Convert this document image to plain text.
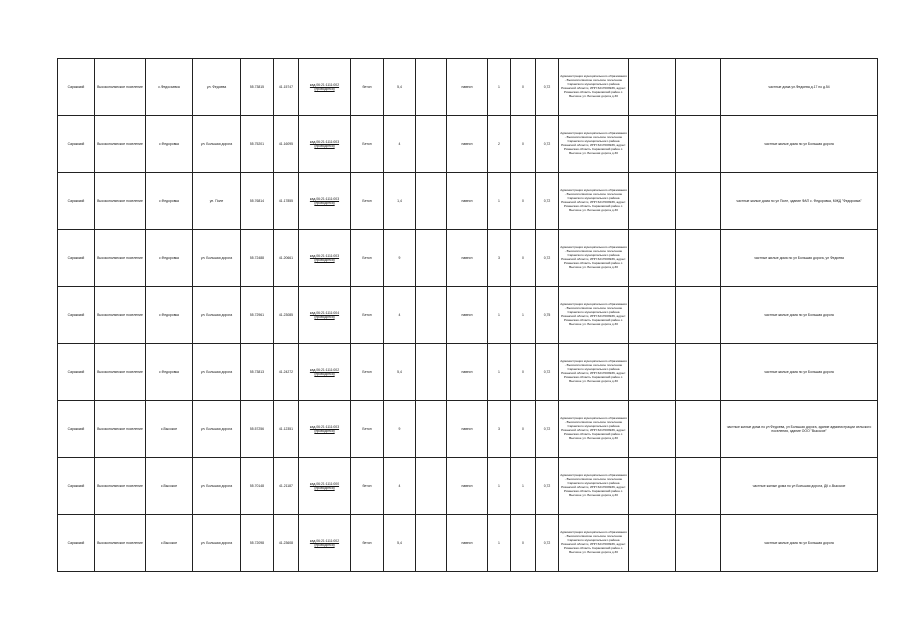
Саракский	Высокополянское поселение	с.Федосьевка	ул. Федоева	55.73815	41.15747	кад.06:21:1111:002
(проводится)	бетон	5,4		навесн	1	0	0,72	Администрация муниципального образования - Высокополянское сельское поселение Саракского муниципального района Рязанской области, ИНН 6217009936, адрес: Рязанская область Сараковский район с. Высокое ул. Большая дорога д.30			частные дома ул.Федоева д.17 по д.54
Саракский	Высокополянское поселение	с.Федоровка	ул. Большая дорога	55.75201	41.16095	кад.06:21:1111:003
(проводится)	Бетон	4		навесн	2	0	0,72	Администрация муниципального образования - Высокополянское сельское поселение Саракского муниципального района Рязанской области, ИНН 6217009936, адрес: Рязанская область Сараковский район с. Высокое ул. Большая дорога д.30			частные жилые дома по ул Большая дорога
Саракский	Высокополянское поселение	с.Федоровка	ул. Поле	55.76814	41.17855	кад.06:21:1111:003
(проводится)	Бетон	1,4		навесн	1	0	0,72	Администрация муниципального образования - Высокополянское сельское поселение Саракского муниципального района Рязанской области, ИНН 6217009936, адрес: Рязанская область Сараковский район с. Высокое ул. Большая дорога д.30			частные жилые дома по ул Поле, здание ФАП с. Федоровка, МЖД "Федоровка"
Саракский	Высокополянское поселение	с.Федоровка	ул. Большая дорога	55.72488	41.20661	кад.06:21:1111:003
(проводится)	Бетон	9		навесн	3	0	0,72	Администрация муниципального образования - Высокополянское сельское поселение Саракского муниципального района Рязанской области, ИНН 6217009936, адрес: Рязанская область Сараковский район с. Высокое ул. Большая дорога д.30			частные жилые дома по ул Большая дорога, ул Федоева
Саракский	Высокополянское поселение	с.Федоровка	ул. Большая дорога	55.72961	41.23085	кад.06:21:1111:004
(проводится)	Бетон	4		навесн	1	1	0,75	Администрация муниципального образования - Высокополянское сельское поселение Саракского муниципального района Рязанской области, ИНН 6217009936, адрес: Рязанская область Сараковский район с. Высокое ул. Большая дорога д.30			частные жилые дома по ул Большая дорога
Саракский	Высокополянское поселение	с.Федоровка	ул. Большая дорога	55.73813	41.24272	кад.06:21:1111:002
(проводится)	Бетон	5,4		навесн	1	0	0,72	Администрация муниципального образования - Высокополянское сельское поселение Саракского муниципального района Рязанской области, ИНН 6217009936, адрес: Рязанская область Сараковский район с. Высокое ул. Большая дорога д.30			частные жилые дома по ул Большая дорога
Саракский	Высокополянское поселение	с.Высокое	ул. Большая дорога	55.57256	41.12351	кад.06:21:1111:003
(проводится)	Бетон	9		навесн	3	0	0,72	Администрация муниципального образования - Высокополянское сельское поселение Саракского муниципального района Рязанской области, ИНН 6217009936, адрес: Рязанская область Сараковский район с. Высокое ул. Большая дорога д.30			частные жилые дома по ул Федоева, ул Большая дорога, здание администрации сельского поселения, здание ООО "Высокое"
Саракский	Высокополянское поселение	с.Высокое	ул. Большая дорога	55.70148	41.21187	кад.06:21:1111:000
(проводится)	бетон	4		навесн	1	1	0,72	Администрация муниципального образования - Высокополянское сельское поселение Саракского муниципального района Рязанской области, ИНН 6217009936, адрес: Рязанская область Сараковский район с. Высокое ул. Большая дорога д.30			частные жилые дома по ул Большая дорога, ДК с.Высокое
Саракский	Высокополянское поселение	с.Высокое	ул. Большая дорога	55.72098	41.23608	кад.06:21:1111:002
(проводится)	бетон	5,4		навесн	1	0	0,72	Администрация муниципального образования - Высокополянское сельское поселение Саракского муниципального района Рязанской области, ИНН 6217009936, адрес: Рязанская область Сараковский район с. Высокое ул. Большая дорога д.30			частные жилые дома по ул Большая дорога
